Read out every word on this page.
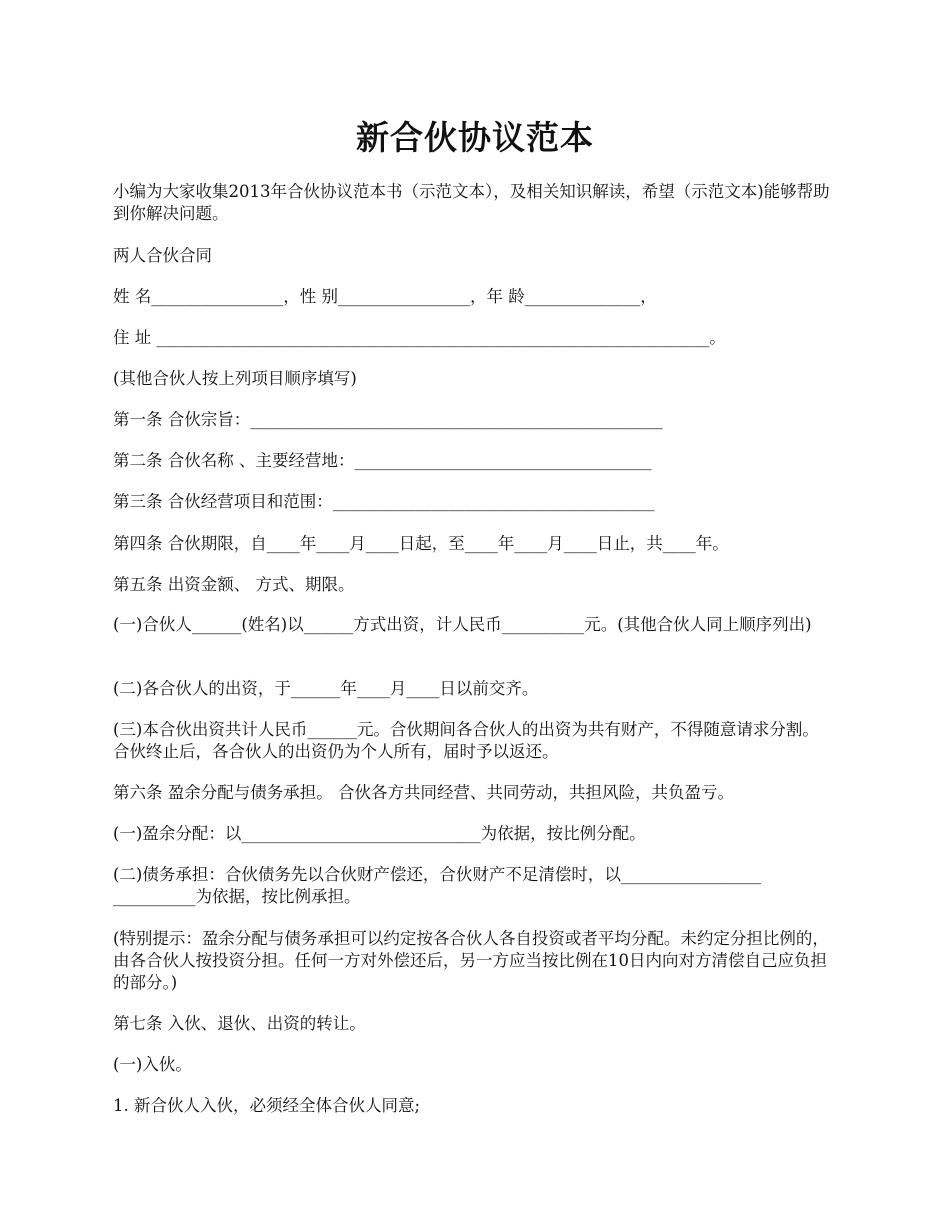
新合伙协议范本

小编为大家收集2013年合伙协议范本书（示范文本），及相关知识解读，希望（示范文本)能够帮助到你解决问题。

两人合伙合同

姓 名________________，性 别________________，年 龄______________，

住 址 ___________________________________________________________________。

(其他合伙人按上列项目顺序填写)

第一条 合伙宗旨：__________________________________________________

第二条 合伙名称 、主要经营地：____________________________________

第三条 合伙经营项目和范围：_______________________________________

第四条 合伙期限，自____年____月____日起，至____年____月____日止，共____年。

第五条 出资金额、 方式、期限。

(一)合伙人______(姓名)以______方式出资，计人民币__________元。(其他合伙人同上顺序列出)

(二)各合伙人的出资，于______年____月____日以前交齐。

(三)本合伙出资共计人民币______元。合伙期间各合伙人的出资为共有财产，不得随意请求分割。合伙终止后，各合伙人的出资仍为个人所有，届时予以返还。

第六条 盈余分配与债务承担。 合伙各方共同经营、共同劳动，共担风险，共负盈亏。

(一)盈余分配：以_____________________________为依据，按比例分配。

(二)债务承担：合伙债务先以合伙财产偿还，合伙财产不足清偿时，以_________________ __________为依据，按比例承担。

(特别提示：盈余分配与债务承担可以约定按各合伙人各自投资或者平均分配。未约定分担比例的，由各合伙人按投资分担。任何一方对外偿还后，另一方应当按比例在10日内向对方清偿自己应负担的部分。)

第七条 入伙、退伙、出资的转让。

(一)入伙。

1. 新合伙人入伙，必须经全体合伙人同意;
